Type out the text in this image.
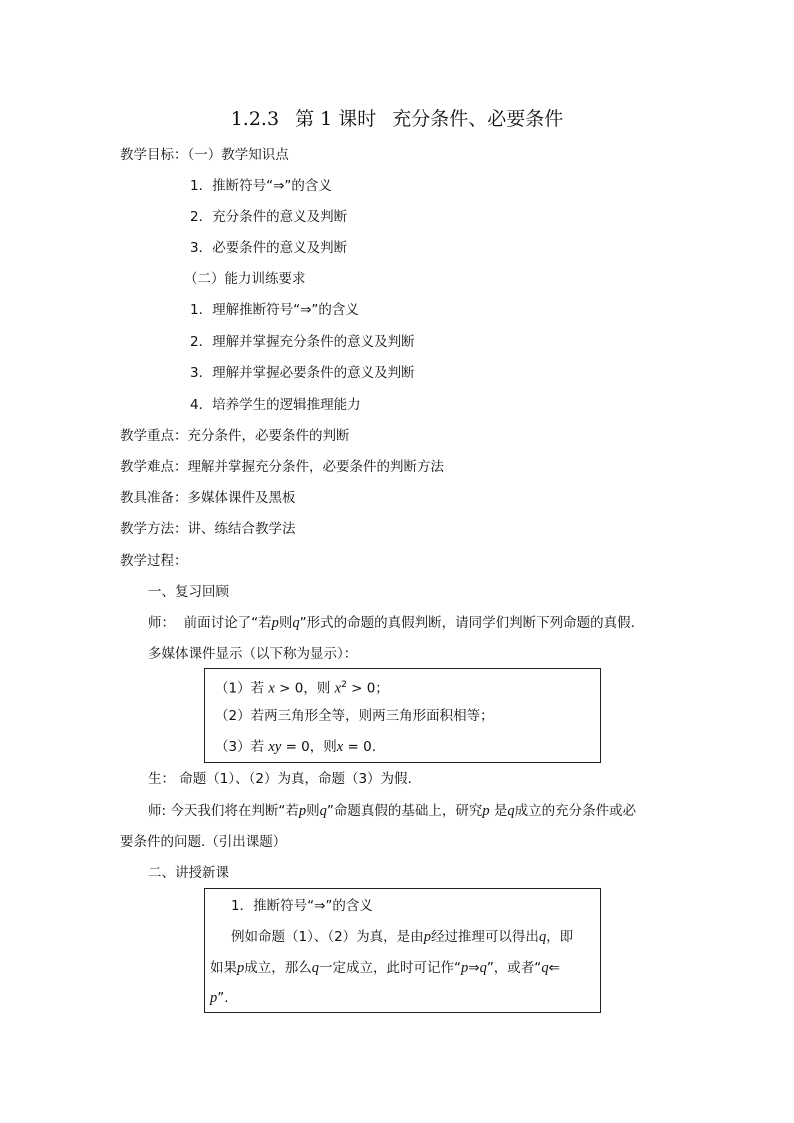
1.2.3 第 1 课时 充分条件、必要条件
教学目标：（一）教学知识点
1．推断符号“⇒”的含义
2．充分条件的意义及判断
3．必要条件的意义及判断
（二）能力训练要求
1．理解推断符号“⇒”的含义
2．理解并掌握充分条件的意义及判断
3．理解并掌握必要条件的意义及判断
4．培养学生的逻辑推理能力
教学重点：充分条件，必要条件的判断
教学难点：理解并掌握充分条件，必要条件的判断方法
教具准备：多媒体课件及黑板
教学方法：讲、练结合教学法
教学过程：
一、复习回顾
师： 前面讨论了“若p则q”形式的命题的真假判断，请同学们判断下列命题的真假.
多媒体课件显示（以下称为显示）：
（1）若 x > 0，则 $x^2 > 0$；
（2）若两三角形全等，则两三角形面积相等；
（3）若 xy = 0，则x = 0.
生： 命题（1）、（2）为真，命题（3）为假.
师: 今天我们将在判断“若p则q”命题真假的基础上，研究p 是q成立的充分条件或必
要条件的问题.（引出课题）
二、讲授新课
1．推断符号“⇒”的含义
例如命题（1）、（2）为真，是由p经过推理可以得出q，即
如果p成立，那么q一定成立，此时可记作“p⇒q”，或者“q⇐
p”.
